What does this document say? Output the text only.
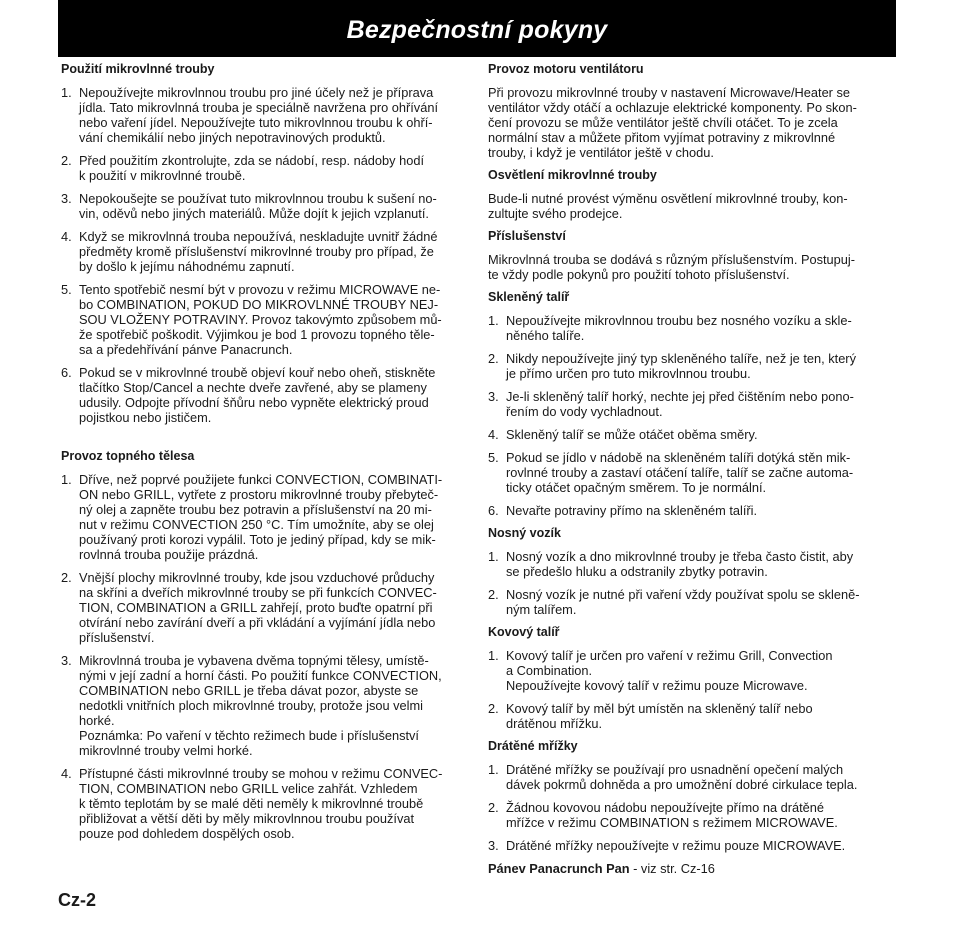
Bezpečnostní pokyny
Použití mikrovlnné trouby
1. Nepoužívejte mikrovlnnou troubu pro jiné účely než je příprava
jídla. Tato mikrovlnná trouba je speciálně navržena pro ohřívání
nebo vaření jídel. Nepoužívejte tuto mikrovlnnou troubu k ohří-
vání chemikálií nebo jiných nepotravinových produktů.
2. Před použitím zkontrolujte, zda se nádobí, resp. nádoby hodí
k použití v mikrovlnné troubě.
3. Nepokoušejte se používat tuto mikrovlnnou troubu k sušení no-
vin, oděvů nebo jiných materiálů. Může dojít k jejich vzplanutí.
4. Když se mikrovlnná trouba nepoužívá, neskladujte uvnitř žádné
předměty kromě příslušenství mikrovlnné trouby pro případ, že
by došlo k jejímu náhodnému zapnutí.
5. Tento spotřebič nesmí být v provozu v režimu MICROWAVE ne-
bo COMBINATION, POKUD DO MIKROVLNNÉ TROUBY NEJ-
SOU VLOŽENY POTRAVINY. Provoz takovýmto způsobem mů-
že spotřebič poškodit. Výjimkou je bod 1 provozu topného těle-
sa a předehřívání pánve Panacrunch.
6. Pokud se v mikrovlnné troubě objeví kouř nebo oheň, stiskněte
tlačítko Stop/Cancel a nechte dveře zavřené, aby se plameny
udusily. Odpojte přívodní šňůru nebo vypněte elektrický proud
pojistkou nebo jističem.
Provoz topného tělesa
1. Dříve, než poprvé použijete funkci CONVECTION, COMBINATI-
ON nebo GRILL, vytřete z prostoru mikrovlnné trouby přebyteč-
ný olej a zapněte troubu bez potravin a příslušenství na 20 mi-
nut v režimu CONVECTION 250 °C. Tím umožníte, aby se olej
používaný proti korozi vypálil. Toto je jediný případ, kdy se mik-
rovlnná trouba použije prázdná.
2. Vnější plochy mikrovlnné trouby, kde jsou vzduchové průduchy
na skříni a dveřích mikrovlnné trouby se při funkcích CONVEC-
TION, COMBINATION a GRILL zahřejí, proto buďte opatrní při
otvírání nebo zavírání dveří a při vkládání a vyjímání jídla nebo
příslušenství.
3. Mikrovlnná trouba je vybavena dvěma topnými tělesy, umístě-
nými v její zadní a horní části. Po použití funkce CONVECTION,
COMBINATION nebo GRILL je třeba dávat pozor, abyste se
nedotkli vnitřních ploch mikrovlnné trouby, protože jsou velmi
horké.
Poznámka: Po vaření v těchto režimech bude i příslušenství
mikrovlnné trouby velmi horké.
4. Přístupné části mikrovlnné trouby se mohou v režimu CONVEC-
TION, COMBINATION nebo GRILL velice zahřát. Vzhledem
k těmto teplotám by se malé děti neměly k mikrovlnné troubě
přibližovat a větší děti by měly mikrovlnnou troubu používat
pouze pod dohledem dospělých osob.
Provoz motoru ventilátoru
Při provozu mikrovlnné trouby v nastavení Microwave/Heater se
ventilátor vždy otáčí a ochlazuje elektrické komponenty. Po skon-
čení provozu se může ventilátor ještě chvíli otáčet. To je zcela
normální stav a můžete přitom vyjímat potraviny z mikrovlnné
trouby, i když je ventilátor ještě v chodu.
Osvětlení mikrovlnné trouby
Bude-li nutné provést výměnu osvětlení mikrovlnné trouby, kon-
zultujte svého prodejce.
Příslušenství
Mikrovlnná trouba se dodává s různým příslušenstvím. Postupuj-
te vždy podle pokynů pro použití tohoto příslušenství.
Skleněný talíř
1. Nepoužívejte mikrovlnnou troubu bez nosného vozíku a skle-
něného talíře.
2. Nikdy nepoužívejte jiný typ skleněného talíře, než je ten, který
je přímo určen pro tuto mikrovlnnou troubu.
3. Je-li skleněný talíř horký, nechte jej před čištěním nebo pono-
řením do vody vychladnout.
4. Skleněný talíř se může otáčet oběma směry.
5. Pokud se jídlo v nádobě na skleněném talíři dotýká stěn mik-
rovlnné trouby a zastaví otáčení talíře, talíř se začne automa-
ticky otáčet opačným směrem. To je normální.
6. Nevařte potraviny přímo na skleněném talíři.
Nosný vozík
1. Nosný vozík a dno mikrovlnné trouby je třeba často čistit, aby
se předešlo hluku a odstranily zbytky potravin.
2. Nosný vozík je nutné při vaření vždy používat spolu se sklenĕ-
ným talířem.
Kovový talíř
1. Kovový talíř je určen pro vaření v režimu Grill, Convection
a Combination.
Nepoužívejte kovový talíř v režimu pouze Microwave.
2. Kovový talíř by měl být umístěn na skleněný talíř nebo
drátěnou mřížku.
Drátěné mřížky
1. Drátěné mřížky se používají pro usnadnění opečení malých
dávek pokrmů dohněda a pro umožnění dobré cirkulace tepla.
2. Žádnou kovovou nádobu nepoužívejte přímo na drátěné
mřížce v režimu COMBINATION s režimem MICROWAVE.
3. Drátěné mřížky nepoužívejte v režimu pouze MICROWAVE.
Pánev Panacrunch Pan - viz str. Cz-16
Cz-2
